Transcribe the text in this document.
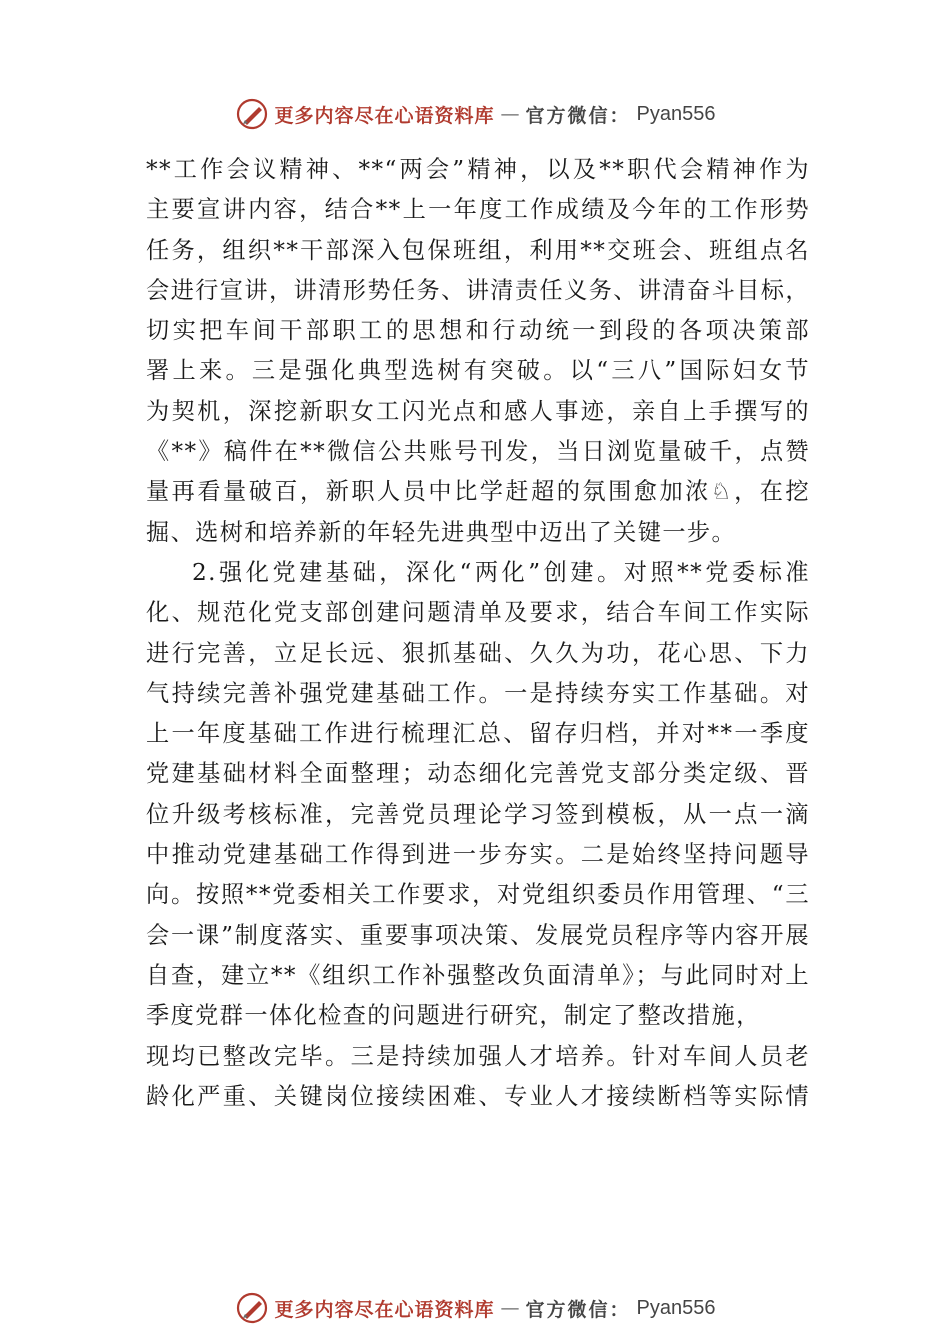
更多内容尽在心语资料库 — 官方微信： Pyan556
**工作会议精神、**“两会”精神，以及**职代会精神作为
主要宣讲内容，结合**上一年度工作成绩及今年的工作形势
任务，组织**干部深入包保班组，利用**交班会、班组点名
会进行宣讲，讲清形势任务、讲清责任义务、讲清奋斗目标，
切实把车间干部职工的思想和行动统一到段的各项决策部
署上来。三是强化典型选树有突破。以“三八”国际妇女节
为契机，深挖新职女工闪光点和感人事迹，亲自上手撰写的
《**》稿件在**微信公共账号刊发，当日浏览量破千，点赞
量再看量破百，新职人员中比学赶超的氛围愈加浓♘，在挖
掘、选树和培养新的年轻先进典型中迈出了关键一步。
2.强化党建基础，深化“两化”创建。对照**党委标准
化、规范化党支部创建问题清单及要求，结合车间工作实际
进行完善，立足长远、狠抓基础、久久为功，花心思、下力
气持续完善补强党建基础工作。一是持续夯实工作基础。对
上一年度基础工作进行梳理汇总、留存归档，并对**一季度
党建基础材料全面整理；动态细化完善党支部分类定级、晋
位升级考核标准，完善党员理论学习签到模板，从一点一滴
中推动党建基础工作得到进一步夯实。二是始终坚持问题导
向。按照**党委相关工作要求，对党组织委员作用管理、“三
会一课”制度落实、重要事项决策、发展党员程序等内容开展
自查，建立**《组织工作补强整改负面清单》；与此同时对上
季度党群一体化检查的问题进行研究，制定了整改措施，
现均已整改完毕。三是持续加强人才培养。针对车间人员老
龄化严重、关键岗位接续困难、专业人才接续断档等实际情
更多内容尽在心语资料库 — 官方微信： Pyan556
